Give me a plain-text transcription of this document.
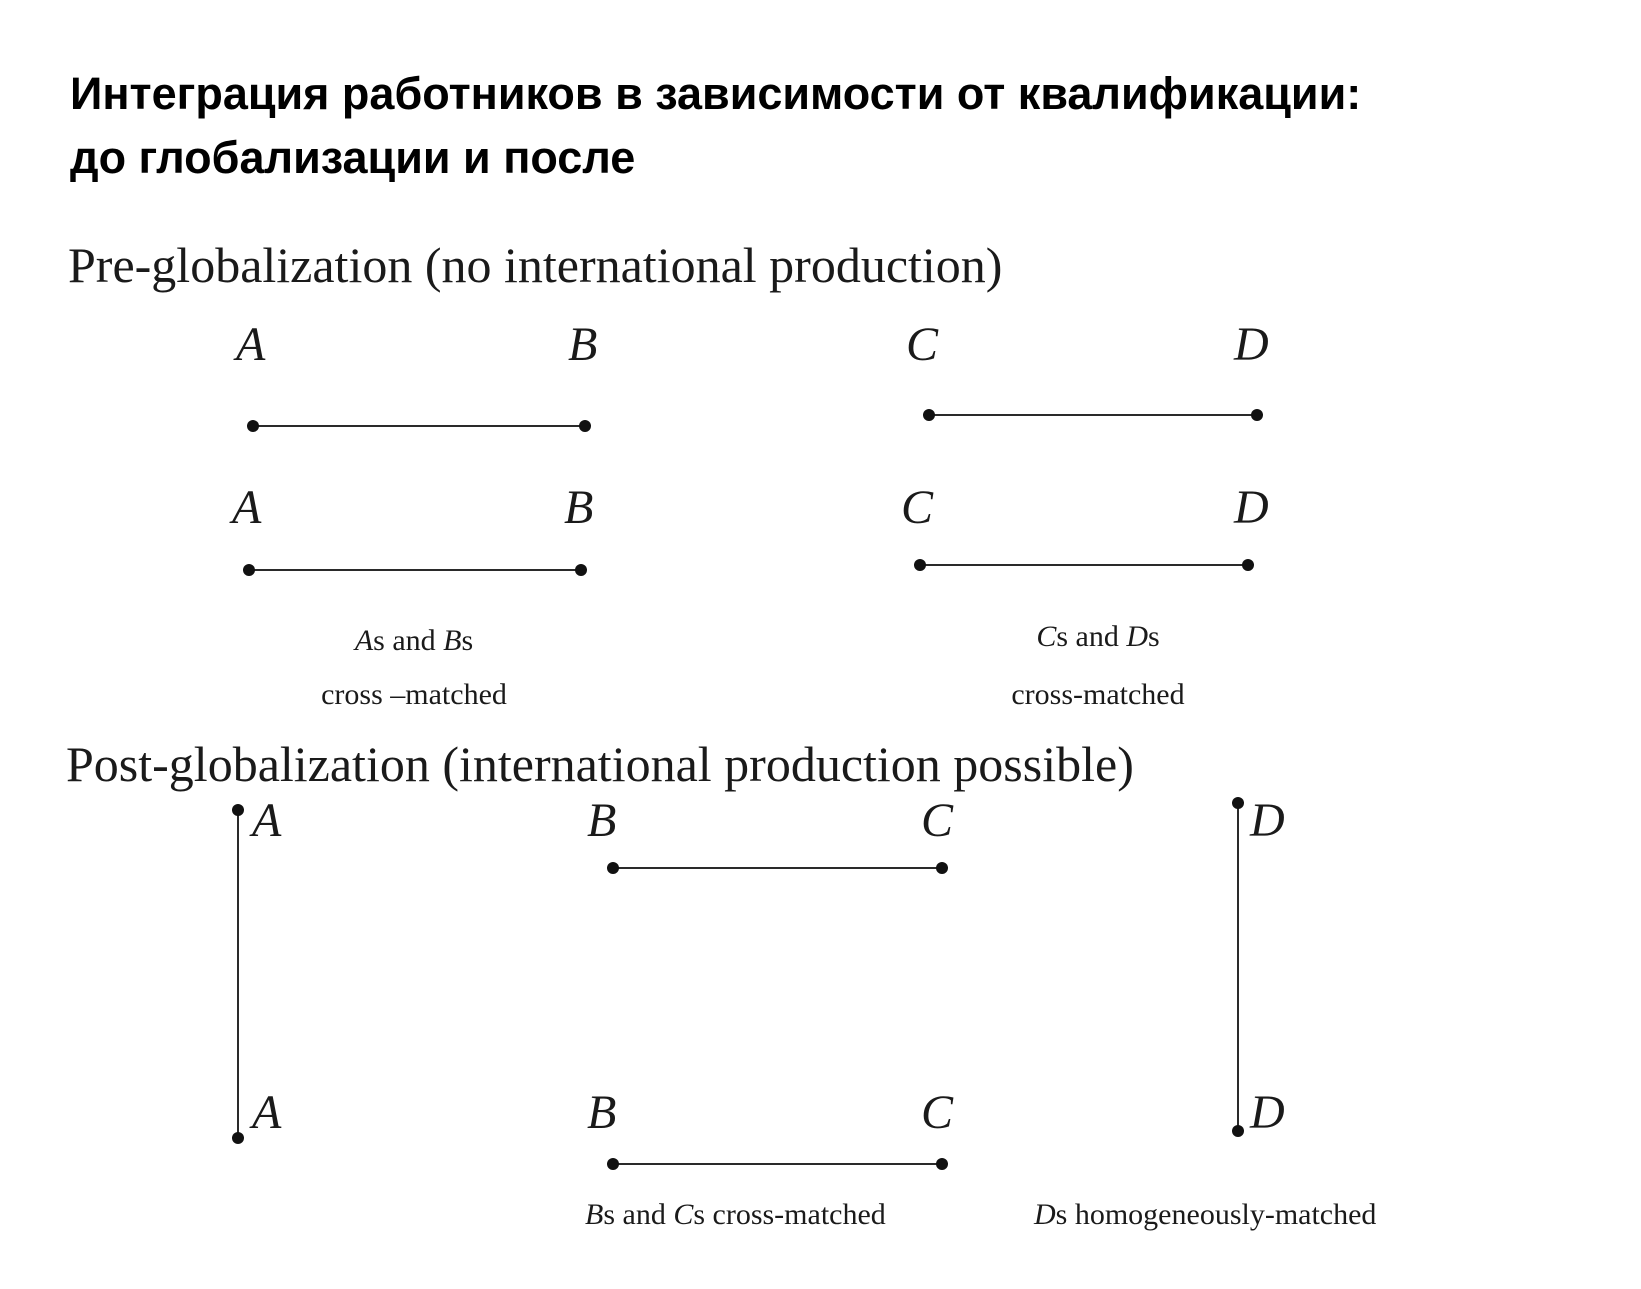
Интеграция работников в зависимости от квалификации:
до глобализации и после
Pre-globalization (no international production)
A	B
A	B
As and Bs
cross –matched
C	D
C	D
Cs and Ds
cross-matched
Post-globalization (international production possible)
A
A
B	C
B	C
Bs and Cs cross-matched
D
D
Ds homogeneously-matched
